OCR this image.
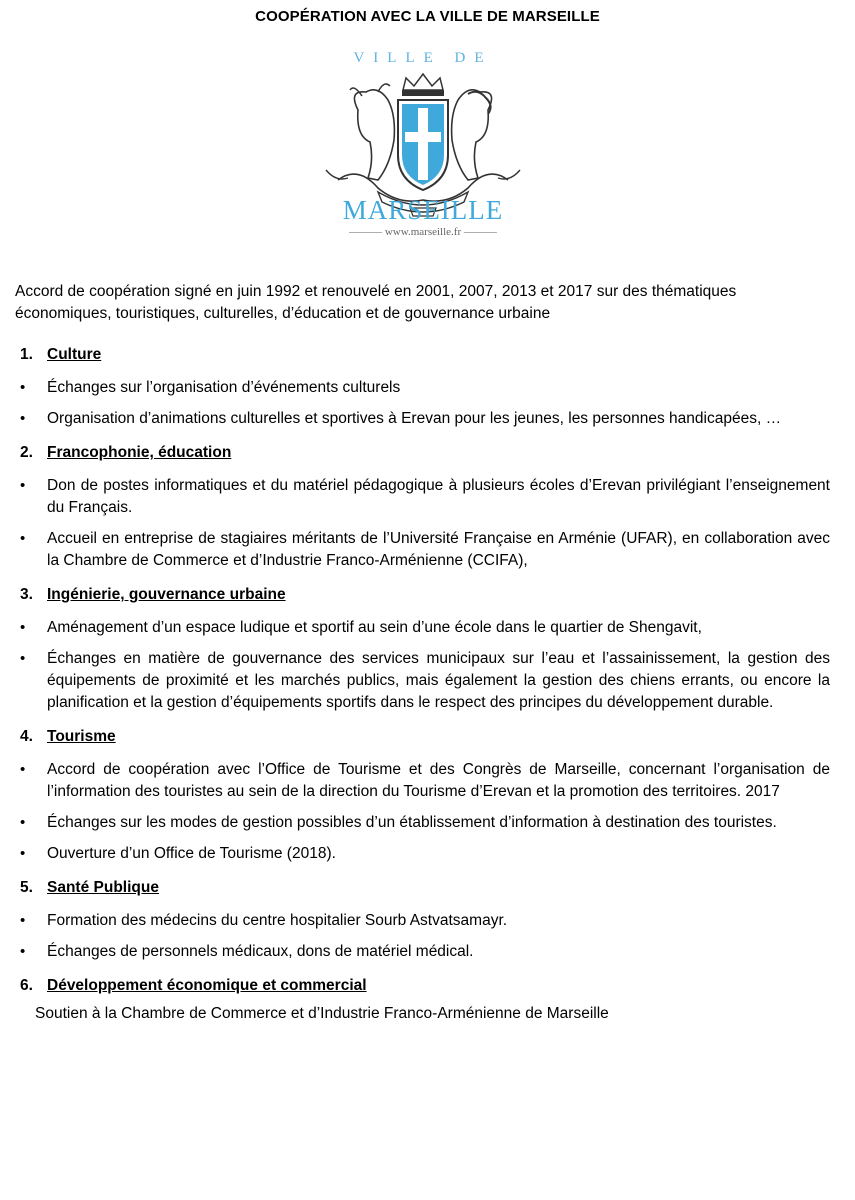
COOPÉRATION AVEC LA VILLE DE MARSEILLE
VILLE DE
MARSEILLE
——— www.marseille.fr ———
Accord de coopération signé en juin 1992 et renouvelé en 2001, 2007, 2013 et 2017 sur des thématiques économiques, touristiques, culturelles, d’éducation et de gouvernance urbaine
1. Culture
• Échanges sur l’organisation d’événements culturels
• Organisation d’animations culturelles et sportives à Erevan pour les jeunes, les personnes handicapées, …
2. Francophonie, éducation
• Don de postes informatiques et du matériel pédagogique à plusieurs écoles d’Erevan privilégiant l’enseignement du Français.
• Accueil en entreprise de stagiaires méritants de l’Université Française en Arménie (UFAR), en collaboration avec la Chambre de Commerce et d’Industrie Franco-Arménienne (CCIFA),
3. Ingénierie, gouvernance urbaine
• Aménagement d’un espace ludique et sportif au sein d’une école dans le quartier de Shengavit,
• Échanges en matière de gouvernance des services municipaux sur l’eau et l’assainissement, la gestion des équipements de proximité et les marchés publics, mais également la gestion des chiens errants, ou encore la planification et la gestion d’équipements sportifs dans le respect des principes du développement durable.
4. Tourisme
• Accord de coopération avec l’Office de Tourisme et des Congrès de Marseille, concernant l’organisation de l’information des touristes au sein de la direction du Tourisme d’Erevan et la promotion des territoires. 2017
• Échanges sur les modes de gestion possibles d’un établissement d’information à destination des touristes.
• Ouverture d’un Office de Tourisme (2018).
5. Santé Publique
• Formation des médecins du centre hospitalier Sourb Astvatsamayr.
• Échanges de personnels médicaux, dons de matériel médical.
6. Développement économique et commercial
Soutien à la Chambre de Commerce et d’Industrie Franco-Arménienne de Marseille
